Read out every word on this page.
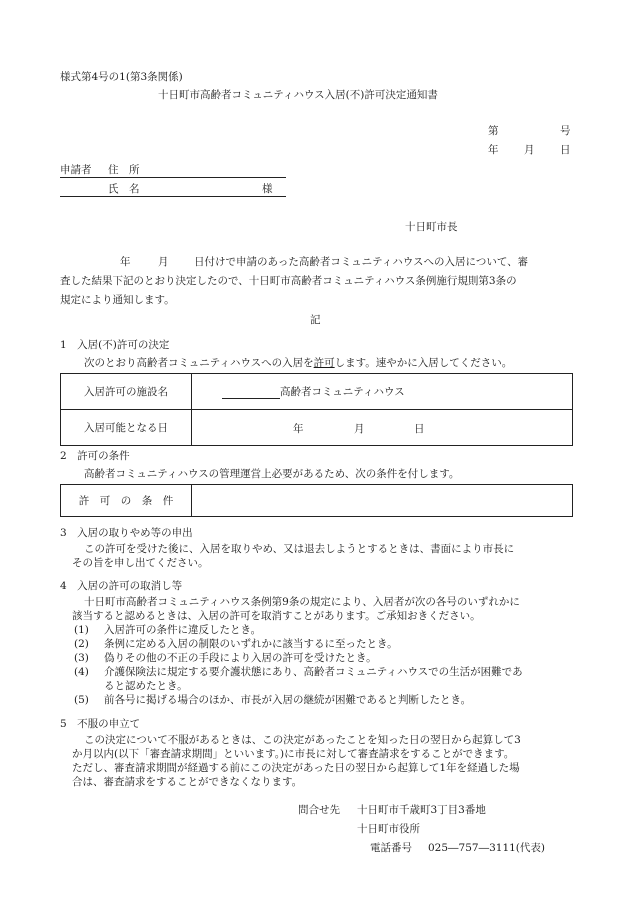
様式第4号の1(第3条関係)
十日町市高齢者コミュニティハウス入居(不)許可決定通知書
第	号
年 月 日
申請者 住　所
氏　名	様
十日町市長
年	月 日付けで申請のあった高齢者コミュニティハウスへの入居について、審
査した結果下記のとおり決定したので、十日町市高齢者コミュニティハウス条例施行規則第3条の
規定により通知します。
記
1　入居(不)許可の決定
次のとおり高齢者コミュニティハウスへの入居を許可します。速やかに入居してください。
入居許可の施設名	高齢者コミュニティハウス
入居可能となる日	年 月 日
2　許可の条件
高齢者コミュニティハウスの管理運営上必要があるため、次の条件を付します。
許　可　の　条　件	
3　入居の取りやめ等の申出
この許可を受けた後に、入居を取りやめ、又は退去しようとするときは、書面により市長に
その旨を申し出てください。
4　入居の許可の取消し等
十日町市高齢者コミュニティハウス条例第9条の規定により、入居者が次の各号のいずれかに
該当すると認めるときは、入居の許可を取消すことがあります。ご承知おきください。
(1) 入居許可の条件に違反したとき。
(2) 条例に定める入居の制限のいずれかに該当するに至ったとき。
(3) 偽りその他の不正の手段により入居の許可を受けたとき。
(4) 介護保険法に規定する要介護状態にあり、高齢者コミュニティハウスでの生活が困難であ
ると認めたとき。
(5) 前各号に掲げる場合のほか、市長が入居の継続が困難であると判断したとき。
5　不服の申立て
この決定について不服があるときは、この決定があったことを知った日の翌日から起算して3
か月以内(以下「審査請求期間」といいます。)に市長に対して審査請求をすることができます。
ただし、審査請求期間が経過する前にこの決定があった日の翌日から起算して1年を経過した場
合は、審査請求をすることができなくなります。
問合せ先 十日町市千歳町3丁目3番地
十日町市役所
電話番号 025―757―3111(代表)
